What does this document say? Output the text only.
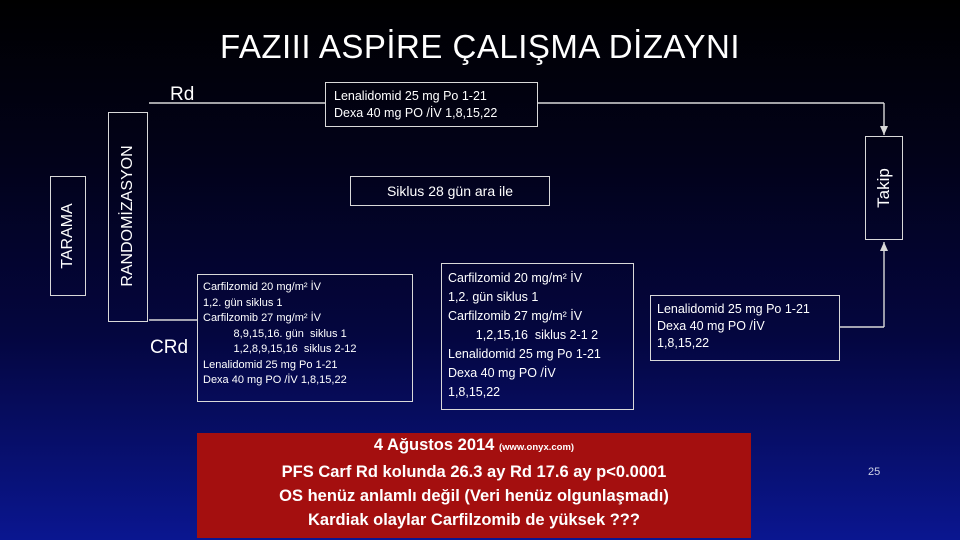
FAZIII ASPİRE ÇALIŞMA DİZAYNI
TARAMA	RANDOMİZASYON	Takip
Rd
CRd
Lenalidomid 25 mg Po 1-21
Dexa 40 mg PO /İV 1,8,15,22
Siklus 28 gün ara ile
Carfilzomid 20 mg/m² İV
1,2. gün siklus 1
Carfilzomib 27 mg/m² İV
8,9,15,16. gün  siklus 1
1,2,8,9,15,16  siklus 2-12
Lenalidomid 25 mg Po 1-21
Dexa 40 mg PO /İV 1,8,15,22
Carfilzomid 20 mg/m² İV
1,2. gün siklus 1
Carfilzomib 27 mg/m² İV
1,2,15,16  siklus 2-1 2
Lenalidomid 25 mg Po 1-21
Dexa 40 mg PO /İV
1,8,15,22
Lenalidomid 25 mg Po 1-21
Dexa 40 mg PO /İV
1,8,15,22
4 Ağustos 2014 (www.onyx.com)
PFS Carf Rd kolunda 26.3 ay Rd 17.6 ay p<0.0001
OS henüz anlamlı değil (Veri henüz olgunlaşmadı)
Kardiak olaylar Carfilzomib de yüksek ???
25
